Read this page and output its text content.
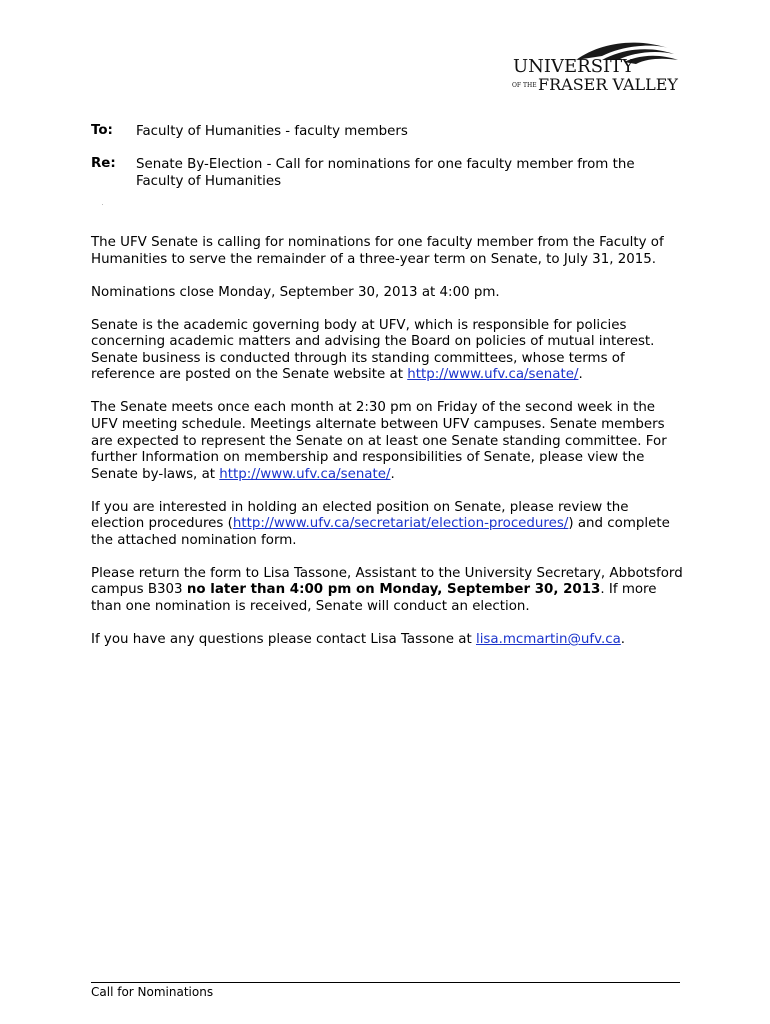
UNIVERSITY
OF THE FRASER VALLEY
To: Faculty of Humanities - faculty members
Re: Senate By-Election - Call for nominations for one faculty member from the Faculty of Humanities

The UFV Senate is calling for nominations for one faculty member from the Faculty of Humanities to serve the remainder of a three-year term on Senate, to July 31, 2015.

Nominations close Monday, September 30, 2013 at 4:00 pm.

Senate is the academic governing body at UFV, which is responsible for policies concerning academic matters and advising the Board on policies of mutual interest. Senate business is conducted through its standing committees, whose terms of reference are posted on the Senate website at http://www.ufv.ca/senate/.

The Senate meets once each month at 2:30 pm on Friday of the second week in the UFV meeting schedule. Meetings alternate between UFV campuses. Senate members are expected to represent the Senate on at least one Senate standing committee. For further Information on membership and responsibilities of Senate, please view the Senate by-laws, at http://www.ufv.ca/senate/.

If you are interested in holding an elected position on Senate, please review the election procedures (http://www.ufv.ca/secretariat/election-procedures/) and complete the attached nomination form.

Please return the form to Lisa Tassone, Assistant to the University Secretary, Abbotsford campus B303 no later than 4:00 pm on Monday, September 30, 2013. If more than one nomination is received, Senate will conduct an election.

If you have any questions please contact Lisa Tassone at lisa.mcmartin@ufv.ca.

Call for Nominations
